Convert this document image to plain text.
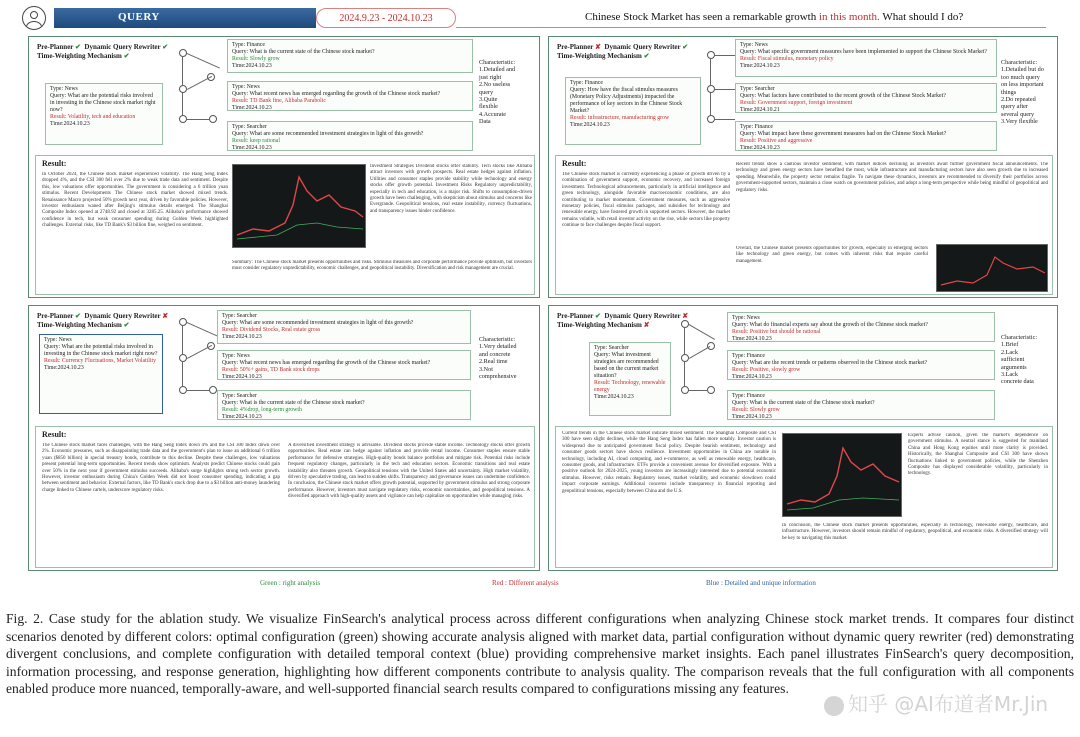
QUERY	2024.9.23 - 2024.10.23	Chinese Stock Market has seen a remarkable growth in this month. What should I do?
Pre-Planner ✔ Dynamic Query Rewriter ✔
Time-Weighting Mechanism ✔
Type: Finance
Query: What is the current state of the Chinese stock market?
Result: Slowly grow
Time:2024.10.23
Type: News
Query: What are the potential risks involved in investing in the Chinese stock market right now?
Result: Volatility, tech and education
Time:2024.10.23
Type: News
Query: What recent news has emerged regarding the growth of the Chinese stock market?
Result: TD Bank fine, Alibaba Parabolic
Time:2024.10.23
Type: Searcher
Query: What are some recommended investment strategies in light of this growth?
Result: keep rational
Time:2024.10.23
Characteristic:
1.Detailed and
just right
2.No useless
query
3.Quite
flexible
4.Accurate
Data
Result:
In October 2024, the Chinese stock market experienced volatility. The Hang Seng Index dropped 4%, and the CSI 300 fell over 2% due to weak trade data and sentiment. Despite this, low valuations offer opportunities. The government is considering a 6 trillion yuan stimulus. Recent Developments The Chinese stock market showed mixed trends. Renaissance Macro projected 50% growth next year, driven by favorable policies. However, investor enthusiasm waned after Beijing's stimulus details emerged. The Shanghai Composite Index opened at 2748.92 and closed at 3285.25. Alibaba's performance showed confidence in tech, but weak consumer spending during Golden Week highlighted challenges. External risks, like TD Bank's $3 billion fine, weighed on sentiment.
Investment Strategies Dividend stocks offer stability. Tech stocks like Alibaba attract investors with growth prospects. Real estate hedges against inflation. Utilities and consumer staples provide stability while technology and energy stocks offer growth potential. Investment Risks Regulatory unpredictability, especially in tech and education, is a major risk. Shifts to consumption-driven growth have been challenging, with skepticism about stimulus and concerns like Evergrande. Geopolitical tensions, real estate instability, currency fluctuations, and transparency issues hinder confidence.
Summary: The Chinese stock market presents opportunities and risks. Stimulus measures and corporate performance provide optimism, but investors must consider regulatory unpredictability, economic challenges, and geopolitical instability. Diversification and risk management are crucial.
Pre-Planner ✘ Dynamic Query Rewriter ✔
Time-Weighting Mechanism ✔
Type: News
Query: What specific government measures have been implemented to support the Chinese Stock Market?
Result: Fiscal stimulus, monetary policy
Time:2024.10.23
Type: Finance
Query: How have the fiscal stimulus measures (Monetary Policy Adjustments) impacted the performance of key sectors in the Chinese Stock Market?
Result: infrastructure, manufacturing grow
Time:2024.10.23
Type: Searcher
Query: What factors have contributed to the recent growth of the Chinese Stock Market?
Result: Government support, foreign investment
Time:2024.10.21
Type: Finance
Query: What impact have these government measures had on the Chinese Stock Market?
Result: Positive and aggressive
Time:2024.10.23
Characteristic:
1.Detailed but do
too much query
on less important
things
2.Do repeated
query after
several query
3.Very flexible
Result:
The Chinese stock market is currently experiencing a phase of growth driven by a combination of government support, economic recovery, and increased foreign investment. Technological advancements, particularly in artificial intelligence and green technology, alongside favorable macroeconomic conditions, are also contributing to market momentum. Government measures, such as aggressive monetary policies, fiscal stimulus packages, and subsidies for technology and renewable energy, have fostered growth in supported sectors. However, the market remains volatile, with retail investor activity on the rise, while sectors like property continue to face challenges despite fiscal support.
Recent trends show a cautious investor sentiment, with market indices declining as investors await further government fiscal announcements. The technology and green energy sectors have benefited the most, while infrastructure and manufacturing sectors have also seen growth due to increased spending. Meanwhile, the property sector remains fragile. To navigate these dynamics, investors are recommended to diversify their portfolios across government-supported sectors, maintain a close watch on government policies, and adopt a long-term perspective while being mindful of geopolitical and regulatory risks.
Overall, the Chinese market presents opportunities for growth, especially in emerging sectors like technology and green energy, but comes with inherent risks that require careful management.
Pre-Planner ✔ Dynamic Query Rewriter ✘
Time-Weighting Mechanism ✔
Type: Searcher
Query: What are some recommended investment strategies in light of this growth?
Result: Dividend Stocks, Real estate gross
Time:2024.10.23
Type: News
Query: What are the potential risks involved in investing in the Chinese stock market right now?
Result: Currency Fluctuations, Market Volatility
Time:2024.10.23
Type: News
Query: What recent news has emerged regarding the growth of the Chinese stock market?
Result: 50%+ gains, TD Bank stock drops
Time:2024.10.23
Type: Searcher
Query: What is the current state of the Chinese stock market?
Result: 4%drop, long-term growth
Time:2024.10.23
Characteristic:
1.Very detailed
and concrete
2.Real time
3.Not
comprehensive
Result:
The Chinese stock market faces challenges, with the Hang Seng Index down 4% and the CSI 300 Index down over 2%. Economic pressures, such as disappointing trade data and the government's plan to issue an additional 6 trillion yuan ($850 billion) in special treasury bonds, contribute to this decline. Despite these challenges, low valuations present potential long-term opportunities. Recent trends show optimism. Analysts predict Chinese stocks could gain over 50% in the next year if government stimulus succeeds. Alibaba's surge highlights strong tech sector growth. However, investor enthusiasm during China's Golden Week did not boost consumer spending, indicating a gap between sentiment and behavior. External factors, like TD Bank's stock drop due to a $3 billion anti-money laundering charge linked to Chinese cartels, underscore regulatory risks.
A diversified investment strategy is advisable. Dividend stocks provide stable income. Technology stocks offer growth opportunities. Real estate can hedge against inflation and provide rental income. Consumer staples ensure stable performance for defensive strategies. High-quality bonds balance portfolios and mitigate risk. Potential risks include frequent regulatory changes, particularly in the tech and education sectors. Economic transitions and real estate instability also threaten growth. Geopolitical tensions with the United States add uncertainty. High market volatility, driven by speculative trading, can lead to sudden shifts. Transparency and governance issues can undermine confidence. In conclusion, the Chinese stock market offers growth potential, supported by government stimulus and strong corporate performance. However, investors must navigate regulatory risks, economic uncertainties, and geopolitical tensions. A diversified approach with high-quality assets and vigilance can help capitalize on opportunities while managing risks.
Pre-Planner ✔ Dynamic Query Rewriter ✘
Time-Weighting Mechanism ✘
Type: News
Query: What do financial experts say about the growth of the Chinese stock market?
Result: Positive but should be rational
Time:2024.10.23
Type: Searcher
Query: What investment strategies are recommended based on the current market situation?
Result: Technology, renewable energy
Time:2024.10.23
Type: Finance
Query: What are the recent trends or patterns observed in the Chinese stock market?
Result: Positive, slowly grow
Time:2024.10.23
Type: Finance
Query: What is the current state of the Chinese stock market?
Result: Slowly grow
Time:2024.10.23
Characteristic:
1.Brief
2.Lack
sufficient
arguments
3.Lack
concrete data
Current trends in the Chinese stock market indicate mixed sentiment. The Shanghai Composite and CSI 300 have seen slight declines, while the Hang Seng Index has fallen more notably. Investor caution is widespread due to anticipated government fiscal policy. Despite bearish sentiment, technology and consumer goods sectors have shown resilience. Investment opportunities in China are notable in technology, including AI, cloud computing, and e-commerce, as well as renewable energy, healthcare, consumer goods, and infrastructure. ETFs provide a convenient avenue for diversified exposure. With a positive outlook for 2024-2025, young investors are increasingly interested due to potential economic stimulus. However, risks remain. Regulatory issues, market volatility, and economic slowdown could impact corporate earnings. Additional concerns include transparency in financial reporting and geopolitical tensions, especially between China and the U.S.
Experts advise caution, given the market's dependence on government stimulus. A neutral stance is suggested for mainland China and Hong Kong equities until more clarity is provided. Historically, the Shanghai Composite and CSI 300 have shown fluctuations linked to government policies, while the Shenzhen Composite has displayed considerable volatility, particularly in technology.
In conclusion, the Chinese stock market presents opportunities, especially in technology, renewable energy, healthcare, and infrastructure. However, investors should remain mindful of regulatory, geopolitical, and economic risks. A diversified strategy will be key to navigating this market.
Green : right analysis	Red : Different analysis	Blue : Detailed and unique information
Fig. 2. Case study for the ablation study. We visualize FinSearch's analytical process across different configurations when analyzing Chinese stock market trends. It compares four distinct scenarios denoted by different colors: optimal configuration (green) showing accurate analysis aligned with market data, partial configuration without dynamic query rewriter (red) demonstrating divergent conclusions, and complete configuration with detailed temporal context (blue) providing comprehensive market insights. Each panel illustrates FinSearch's query decomposition, information processing, and response generation, highlighting how different components contribute to analysis quality. The comparison reveals that the full configuration with all components enabled produce more nuanced, temporally-aware, and well-supported financial search results compared to configurations missing any features.
知乎 @AI布道者Mr.Jin
